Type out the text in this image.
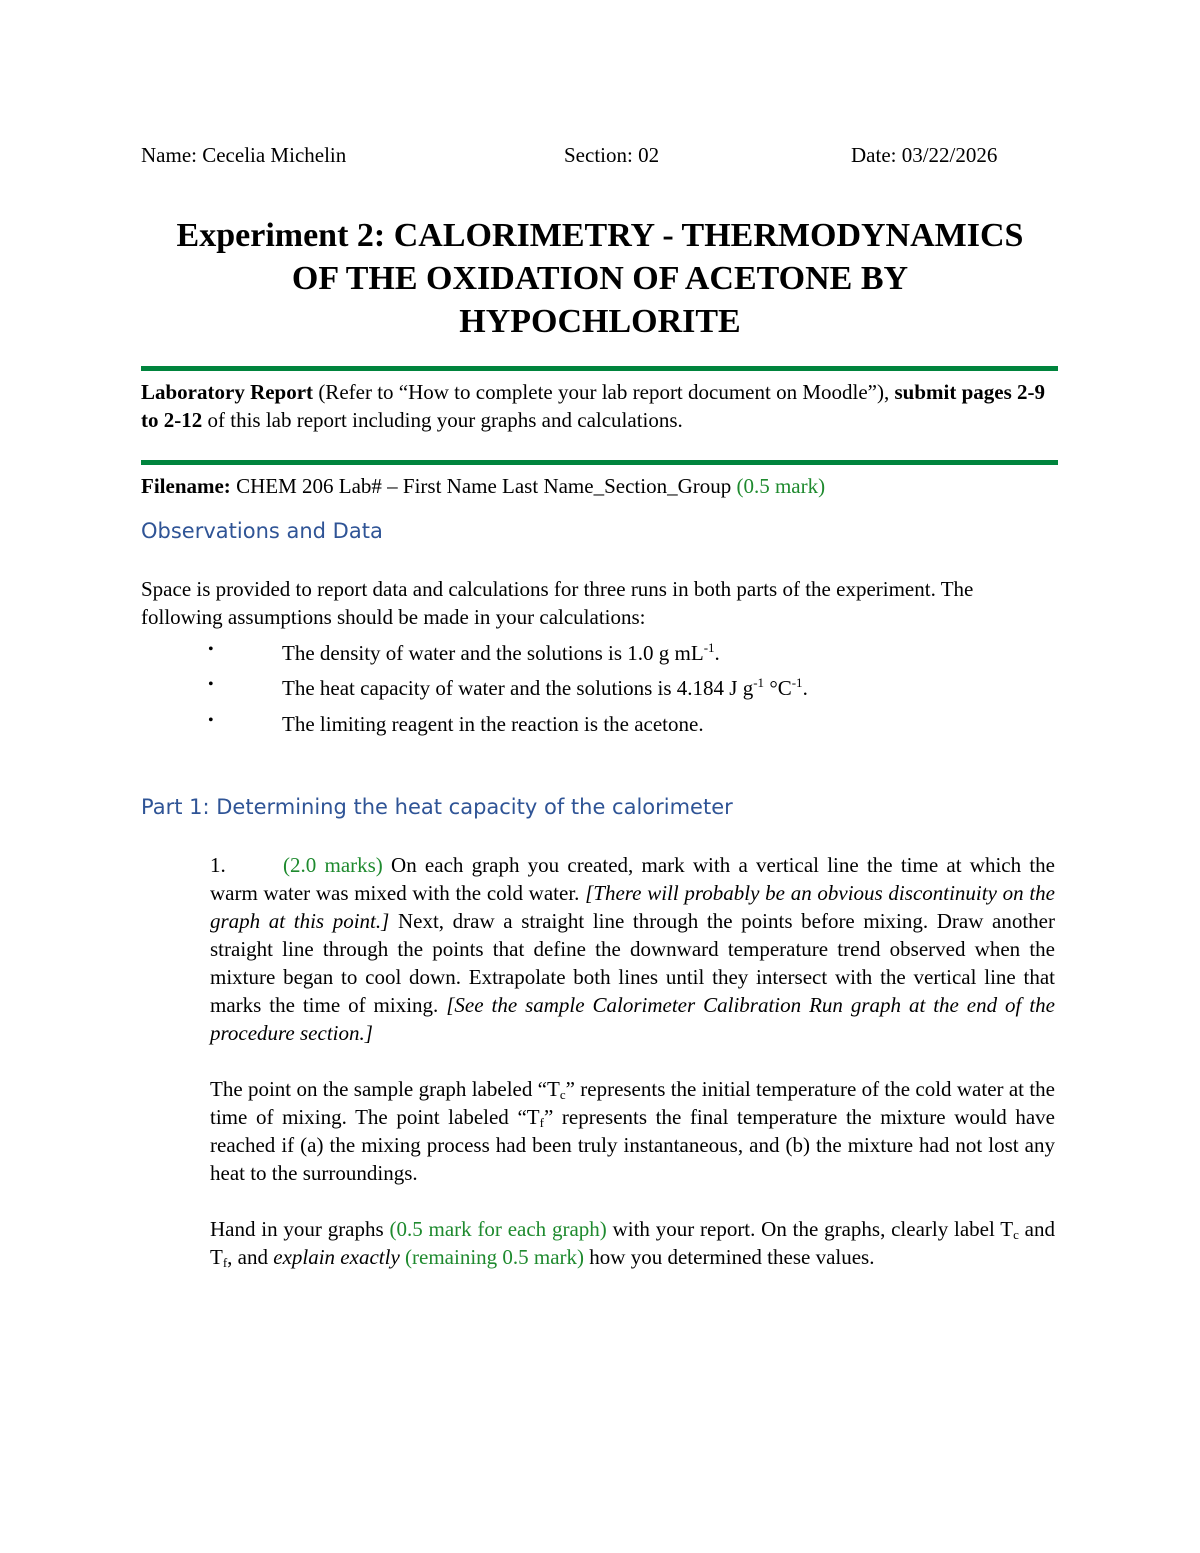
Name: Cecelia Michelin	Section: 02	Date: 03/22/2026
Experiment 2: CALORIMETRY - THERMODYNAMICS
OF THE OXIDATION OF ACETONE BY
HYPOCHLORITE
Laboratory Report (Refer to “How to complete your lab report document on Moodle”), submit pages 2-9 to 2-12 of this lab report including your graphs and calculations.
Filename: CHEM 206 Lab# – First Name Last Name_Section_Group (0.5 mark)
Observations and Data
Space is provided to report data and calculations for three runs in both parts of the experiment. The following assumptions should be made in your calculations:
•	The density of water and the solutions is 1.0 g $mL^{-1}$.
•	The heat capacity of water and the solutions is 4.184 J $g^{-1}$ $^\circ C^{-1}$.
•	The limiting reagent in the reaction is the acetone.
Part 1: Determining the heat capacity of the calorimeter

1.	(2.0 marks) On each graph you created, mark with a vertical line the time at which the warm water was mixed with the cold water. [There will probably be an obvious discontinuity on the graph at this point.] Next, draw a straight line through the points before mixing. Draw another straight line through the points that define the downward temperature trend observed when the mixture began to cool down. Extrapolate both lines until they intersect with the vertical line that marks the time of mixing. [See the sample Calorimeter Calibration Run graph at the end of the procedure section.]

The point on the sample graph labeled “$T_c$” represents the initial temperature of the cold water at the time of mixing. The point labeled “$T_f$” represents the final temperature the mixture would have reached if (a) the mixing process had been truly instantaneous, and (b) the mixture had not lost any heat to the surroundings.

Hand in your graphs (0.5 mark for each graph) with your report. On the graphs, clearly label $T_c$ and $T_f$, and explain exactly (remaining 0.5 mark) how you determined these values.
